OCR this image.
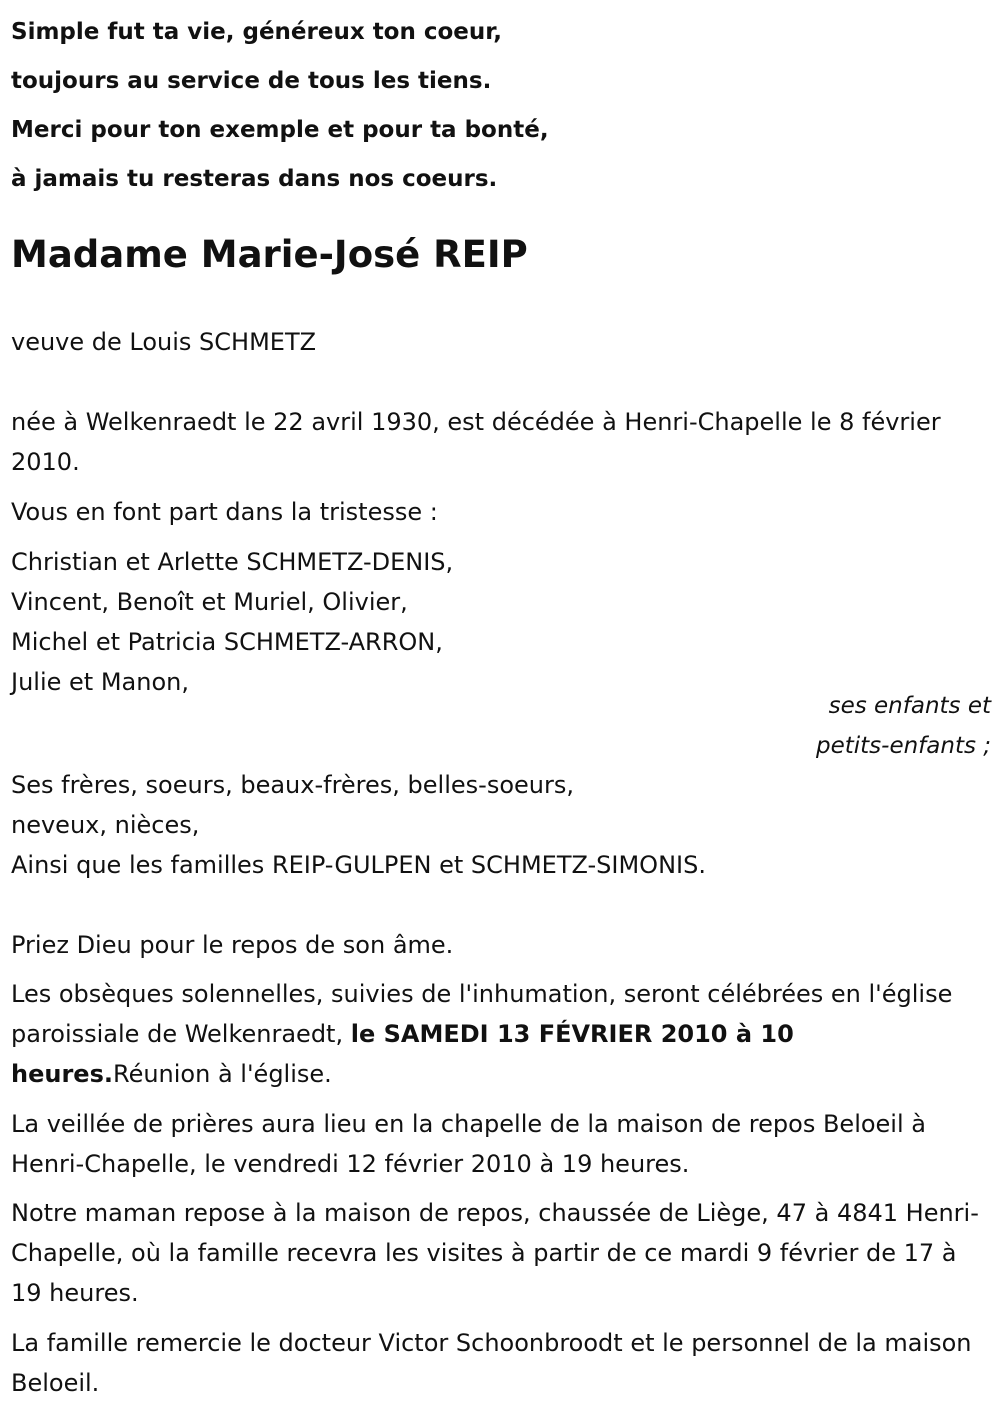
Simple fut ta vie, généreux ton coeur,
toujours au service de tous les tiens.
Merci pour ton exemple et pour ta bonté,
à jamais tu resteras dans nos coeurs.
Madame Marie-José REIP

veuve de Louis SCHMETZ

née à Welkenraedt le 22 avril 1930, est décédée à Henri-Chapelle le 8 février 2010.

Vous en font part dans la tristesse :

Christian et Arlette SCHMETZ-DENIS,
Vincent, Benoît et Muriel, Olivier,
Michel et Patricia SCHMETZ-ARRON,
Julie et Manon,
ses enfants et
petits-enfants ;
Ses frères, soeurs, beaux-frères, belles-soeurs,
neveux, nièces,
Ainsi que les familles REIP-GULPEN et SCHMETZ-SIMONIS.

Priez Dieu pour le repos de son âme.

Les obsèques solennelles, suivies de l'inhumation, seront célébrées en l'église paroissiale de Welkenraedt, le SAMEDI 13 FÉVRIER 2010 à 10 heures.Réunion à l'église.

La veillée de prières aura lieu en la chapelle de la maison de repos Beloeil à Henri-Chapelle, le vendredi 12 février 2010 à 19 heures.

Notre maman repose à la maison de repos, chaussée de Liège, 47 à 4841 Henri-Chapelle, où la famille recevra les visites à partir de ce mardi 9 février de 17 à 19 heures.

La famille remercie le docteur Victor Schoonbroodt et le personnel de la maison Beloeil.
